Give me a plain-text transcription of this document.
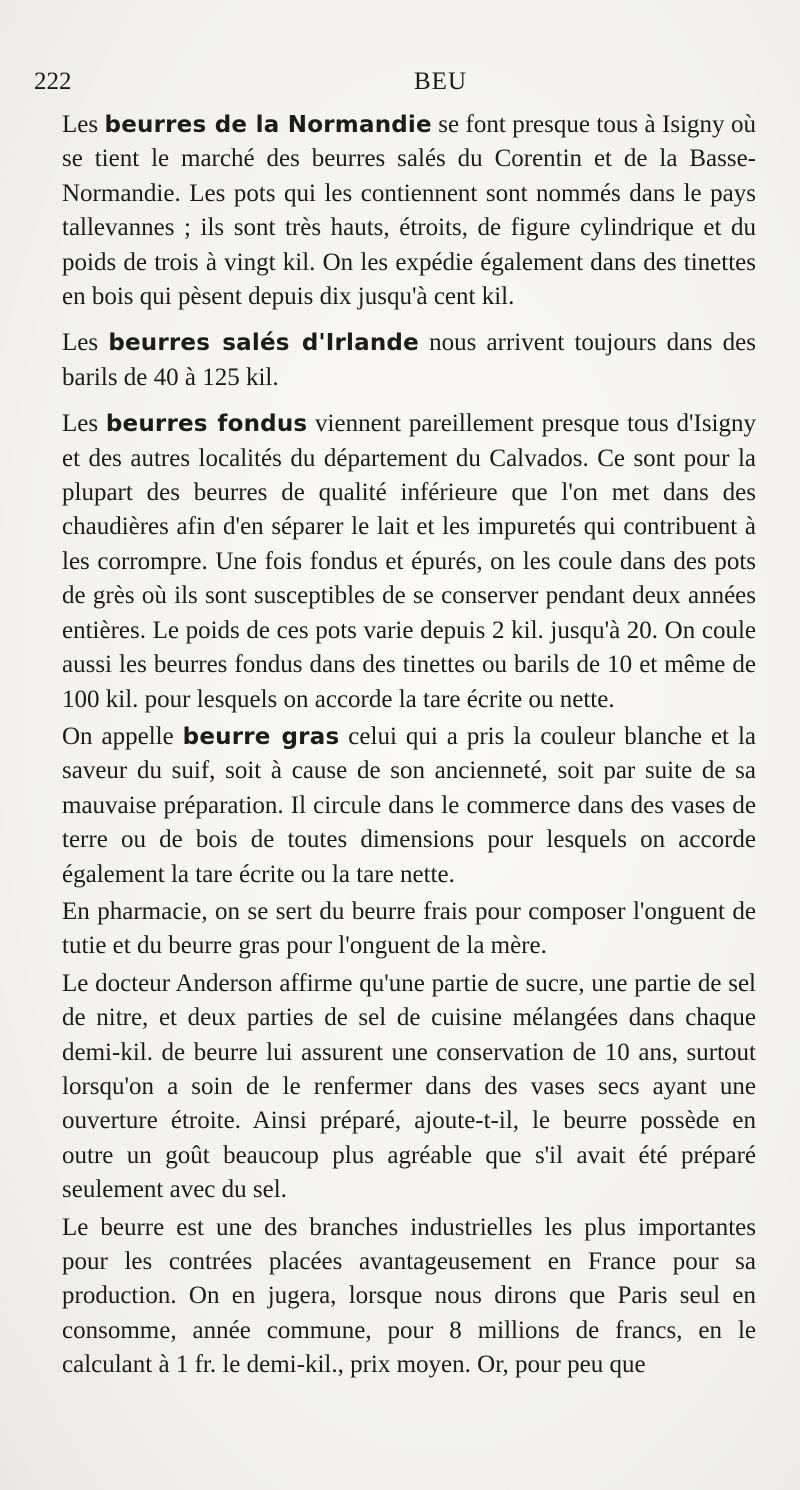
222	BEU

Les beurres de la Normandie se font presque tous à Isigny où se tient le marché des beurres salés du Corentin et de la Basse-Normandie. Les pots qui les contiennent sont nommés dans le pays tallevannes ; ils sont très hauts, étroits, de figure cylindrique et du poids de trois à vingt kil. On les expédie également dans des tinettes en bois qui pèsent depuis dix jusqu'à cent kil.

Les beurres salés d'Irlande nous arrivent toujours dans des barils de 40 à 125 kil.

Les beurres fondus viennent pareillement presque tous d'Isigny et des autres localités du département du Calvados. Ce sont pour la plupart des beurres de qualité inférieure que l'on met dans des chaudières afin d'en séparer le lait et les impuretés qui contribuent à les corrompre. Une fois fondus et épurés, on les coule dans des pots de grès où ils sont susceptibles de se conserver pendant deux années entières. Le poids de ces pots varie depuis 2 kil. jusqu'à 20. On coule aussi les beurres fondus dans des tinettes ou barils de 10 et même de 100 kil. pour lesquels on accorde la tare écrite ou nette.

On appelle beurre gras celui qui a pris la couleur blanche et la saveur du suif, soit à cause de son ancienneté, soit par suite de sa mauvaise préparation. Il circule dans le commerce dans des vases de terre ou de bois de toutes dimensions pour lesquels on accorde également la tare écrite ou la tare nette.

En pharmacie, on se sert du beurre frais pour composer l'onguent de tutie et du beurre gras pour l'onguent de la mère.

Le docteur Anderson affirme qu'une partie de sucre, une partie de sel de nitre, et deux parties de sel de cuisine mélangées dans chaque demi-kil. de beurre lui assurent une conservation de 10 ans, surtout lorsqu'on a soin de le renfermer dans des vases secs ayant une ouverture étroite. Ainsi préparé, ajoute-t-il, le beurre possède en outre un goût beaucoup plus agréable que s'il avait été préparé seulement avec du sel.

Le beurre est une des branches industrielles les plus importantes pour les contrées placées avantageusement en France pour sa production. On en jugera, lorsque nous dirons que Paris seul en consomme, année commune, pour 8 millions de francs, en le calculant à 1 fr. le demi-kil., prix moyen. Or, pour peu que
